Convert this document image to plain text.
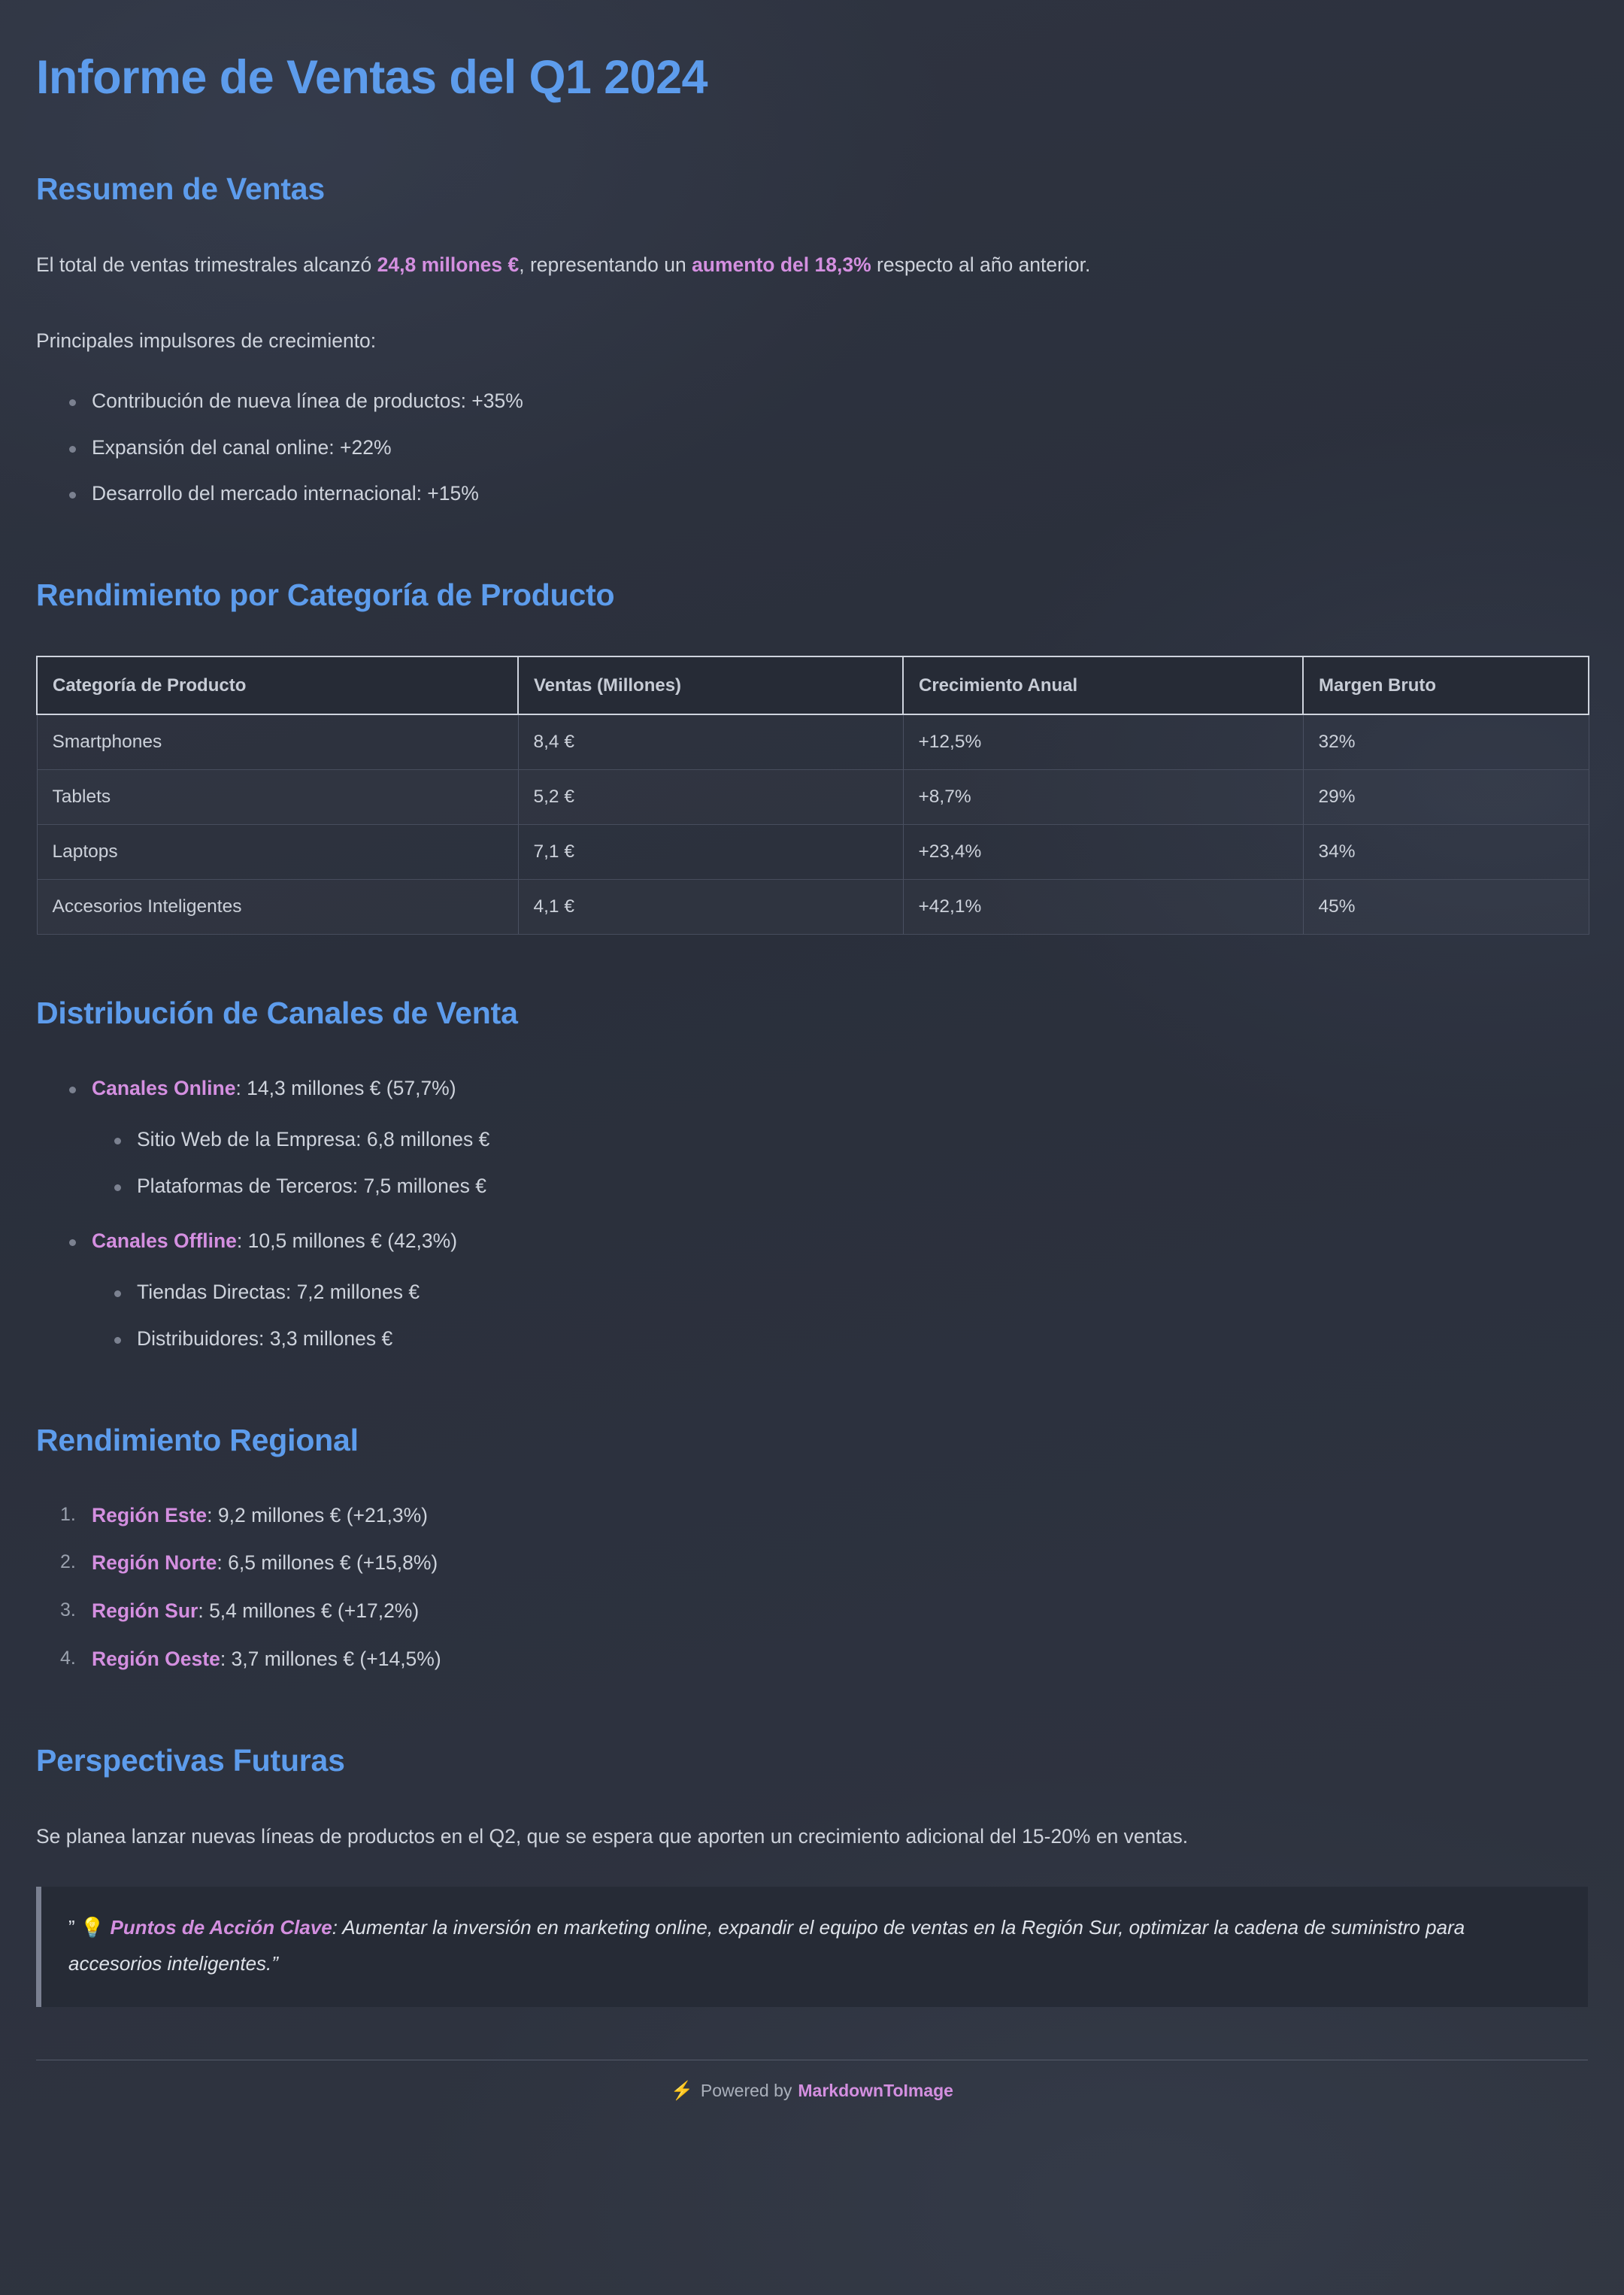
Informe de Ventas del Q1 2024
Resumen de Ventas

El total de ventas trimestrales alcanzó 24,8 millones €, representando un aumento del 18,3% respecto al año anterior.

Principales impulsores de crecimiento:

Contribución de nueva línea de productos: +35%
Expansión del canal online: +22%
Desarrollo del mercado internacional: +15%
Rendimiento por Categoría de Producto
Categoría de Producto	Ventas (Millones)	Crecimiento Anual	Margen Bruto
Smartphones	8,4 €	+12,5%	32%
Tablets	5,2 €	+8,7%	29%
Laptops	7,1 €	+23,4%	34%
Accesorios Inteligentes	4,1 €	+42,1%	45%
Distribución de Canales de Venta
Canales Online: 14,3 millones € (57,7%)
Sitio Web de la Empresa: 6,8 millones €
Plataformas de Terceros: 7,5 millones €
Canales Offline: 10,5 millones € (42,3%)
Tiendas Directas: 7,2 millones €
Distribuidores: 3,3 millones €
Rendimiento Regional
Región Este: 9,2 millones € (+21,3%)
Región Norte: 6,5 millones € (+15,8%)
Región Sur: 5,4 millones € (+17,2%)
Región Oeste: 3,7 millones € (+14,5%)
Perspectivas Futuras

Se planea lanzar nuevas líneas de productos en el Q2, que se espera que aporten un crecimiento adicional del 15-20% en ventas.

” 💡 Puntos de Acción Clave: Aumentar la inversión en marketing online, expandir el equipo de ventas en la Región Sur, optimizar la cadena de suministro para accesorios inteligentes.”

⚡ Powered by MarkdownToImage
